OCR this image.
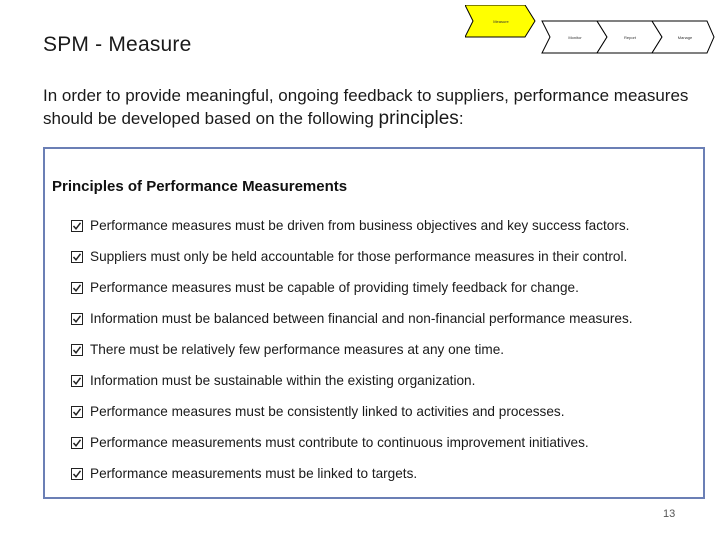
SPM - Measure
Measure
Monitor	Report	Manage
In order to provide meaningful, ongoing feedback to suppliers, performance measures should be developed based on the following principles:
Principles of Performance Measurements
Performance measures must be driven from business objectives and key success factors.
Suppliers must only be held accountable for those performance measures in their control.
Performance measures must be capable of providing timely feedback for change.
Information must be balanced between financial and non-financial performance measures.
There must be relatively few performance measures at any one time.
Information must be sustainable within the existing organization.
Performance measures must be consistently linked to activities and processes.
Performance measurements must contribute to continuous improvement initiatives.
Performance measurements must be linked to targets.
13
